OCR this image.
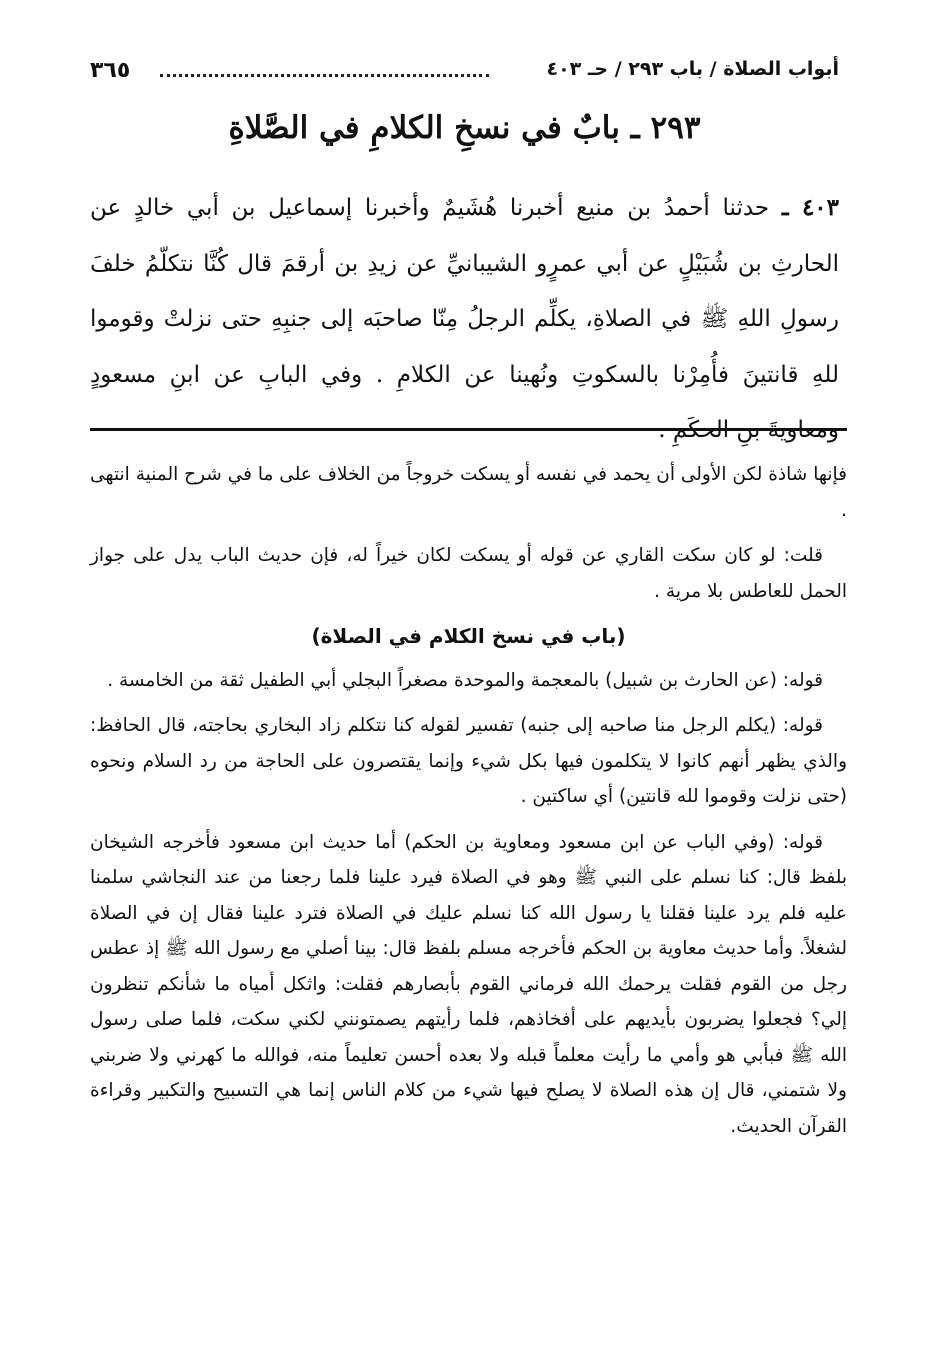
أبواب الصلاة / باب ٢٩٣ / حـ ٤٠٣
٣٦٥
٢٩٣ ـ بابٌ في نسخِ الكلامِ في الصَّلاةِ
٤٠٣ ـ حدثنا أحمدُ بن منيع أخبرنا هُشَيمٌ وأخبرنا إسماعيل بن أبي خالدٍ عن الحارثِ بن شُبَيْلٍ عن أبي عمرٍو الشيبانيِّ عن زيدِ بن أرقمَ قال كُنَّا نتكلّمُ خلفَ رسولِ اللهِ ﷺ في الصلاةِ، يكلِّم الرجلُ مِنّا صاحبَه إلى جنبِهِ حتى نزلتْ وقوموا للهِ قانتينَ فأُمِرْنا بالسكوتِ ونُهينا عن الكلامِ . وفي البابِ عن ابنِ مسعودٍ ومعاويةَ بنِ الحكَمِ .

فإنها شاذة لكن الأولى أن يحمد في نفسه أو يسكت خروجاً من الخلاف على ما في شرح المنية انتهى .

قلت: لو كان سكت القاري عن قوله أو يسكت لكان خيراً له، فإن حديث الباب يدل على جواز الحمل للعاطس بلا مرية .

(باب في نسخ الكلام في الصلاة)

قوله: (عن الحارث بن شبيل) بالمعجمة والموحدة مصغراً البجلي أبي الطفيل ثقة من الخامسة .

قوله: (يكلم الرجل منا صاحبه إلى جنبه) تفسير لقوله كنا نتكلم زاد البخاري بحاجته، قال الحافظ: والذي يظهر أنهم كانوا لا يتكلمون فيها بكل شيء وإنما يقتصرون على الحاجة من رد السلام ونحوه (حتى نزلت وقوموا لله قانتين) أي ساكتين .

قوله: (وفي الباب عن ابن مسعود ومعاوية بن الحكم) أما حديث ابن مسعود فأخرجه الشيخان بلفظ قال: كنا نسلم على النبي ﷺ وهو في الصلاة فيرد علينا فلما رجعنا من عند النجاشي سلمنا عليه فلم يرد علينا فقلنا يا رسول الله كنا نسلم عليك في الصلاة فترد علينا فقال إن في الصلاة لشغلاً. وأما حديث معاوية بن الحكم فأخرجه مسلم بلفظ قال: بينا أصلي مع رسول الله ﷺ إذ عطس رجل من القوم فقلت يرحمك الله فرماني القوم بأبصارهم فقلت: واثكل أمياه ما شأنكم تنظرون إلي؟ فجعلوا يضربون بأيديهم على أفخاذهم، فلما رأيتهم يصمتونني لكني سكت، فلما صلى رسول الله ﷺ فبأبي هو وأمي ما رأيت معلماً قبله ولا بعده أحسن تعليماً منه، فوالله ما كهرني ولا ضربني ولا شتمني، قال إن هذه الصلاة لا يصلح فيها شيء من كلام الناس إنما هي التسبيح والتكبير وقراءة القرآن الحديث.
